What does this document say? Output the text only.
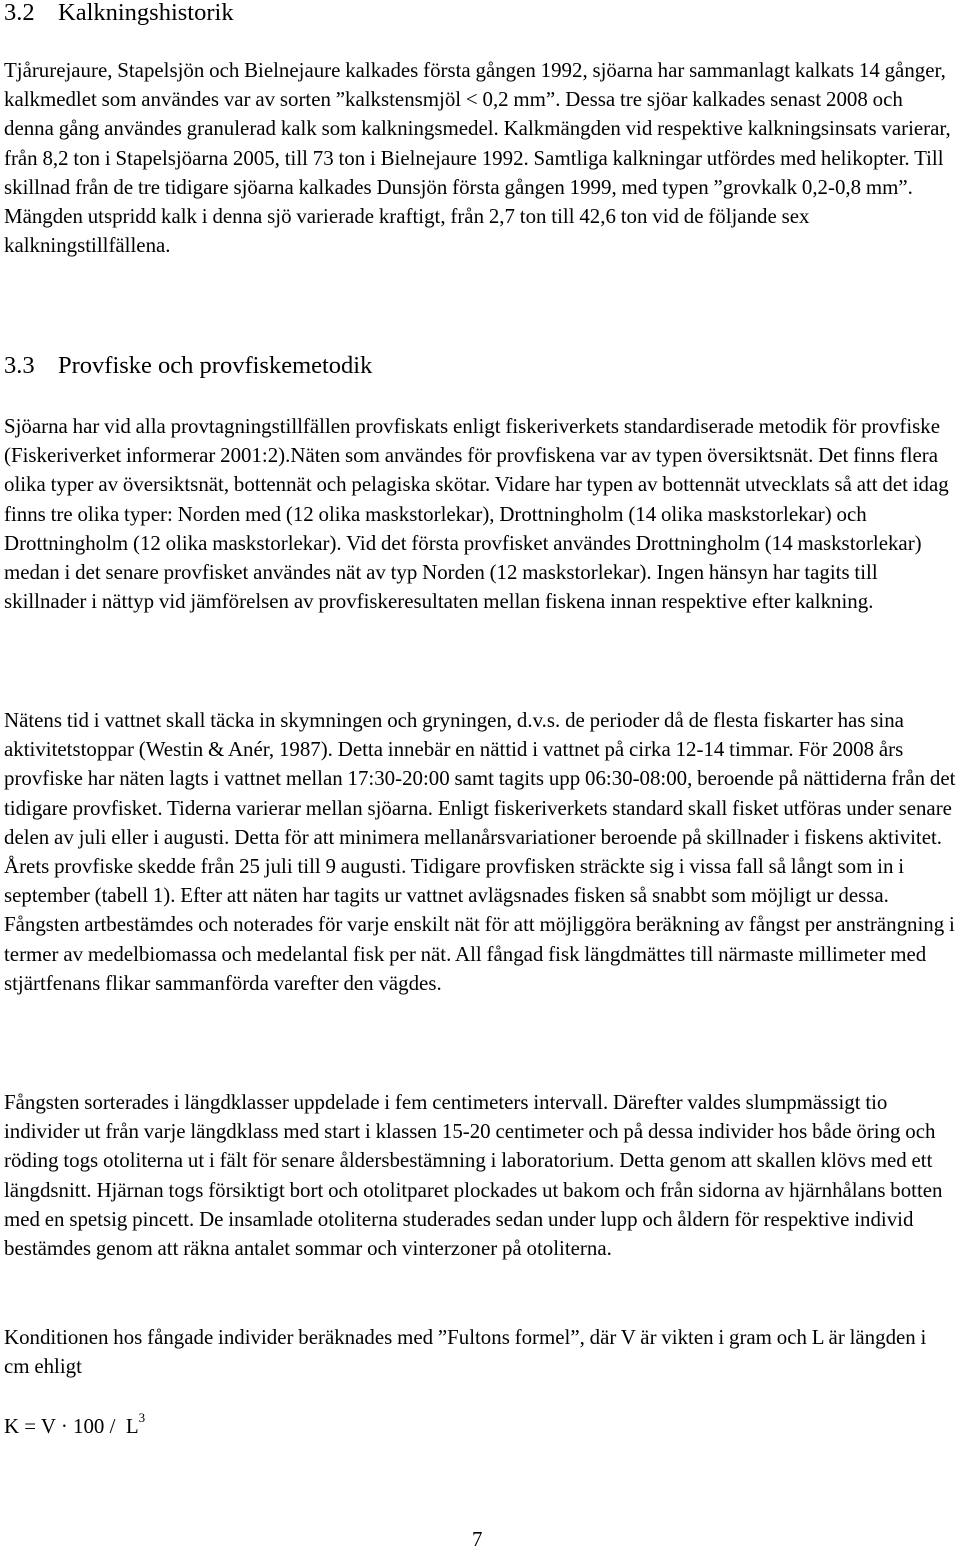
3.2 Kalkningshistorik

Tjårurejaure, Stapelsjön och Bielnejaure kalkades första gången 1992, sjöarna har sammanlagt kalkats 14 gånger, kalkmedlet som användes var av sorten ”kalkstensmjöl < 0,2 mm”. Dessa tre sjöar kalkades senast 2008 och denna gång användes granulerad kalk som kalkningsmedel. Kalkmängden vid respektive kalkningsinsats varierar, från 8,2 ton i Stapelsjöarna 2005, till 73 ton i Bielnejaure 1992. Samtliga kalkningar utfördes med helikopter. Till skillnad från de tre tidigare sjöarna kalkades Dunsjön första gången 1999, med typen ”grovkalk 0,2-0,8 mm”. Mängden utspridd kalk i denna sjö varierade kraftigt, från 2,7 ton till 42,6 ton vid de följande sex kalkningstillfällena.

3.3 Provfiske och provfiskemetodik

Sjöarna har vid alla provtagningstillfällen provfiskats enligt fiskeriverkets standardiserade metodik för provfiske (Fiskeriverket informerar 2001:2).Näten som användes för provfiskena var av typen översiktsnät. Det finns flera olika typer av översiktsnät, bottennät och pelagiska skötar. Vidare har typen av bottennät utvecklats så att det idag finns tre olika typer: Norden med (12 olika maskstorlekar), Drottningholm (14 olika maskstorlekar) och Drottningholm (12 olika maskstorlekar). Vid det första provfisket användes Drottningholm (14 maskstorlekar) medan i det senare provfisket användes nät av typ Norden (12 maskstorlekar). Ingen hänsyn har tagits till skillnader i nättyp vid jämförelsen av provfiskeresultaten mellan fiskena innan respektive efter kalkning.

Nätens tid i vattnet skall täcka in skymningen och gryningen, d.v.s. de perioder då de flesta fiskarter has sina aktivitetstoppar (Westin & Anér, 1987). Detta innebär en nättid i vattnet på cirka 12-14 timmar. För 2008 års provfiske har näten lagts i vattnet mellan 17:30-20:00 samt tagits upp 06:30-08:00, beroende på nättiderna från det tidigare provfisket. Tiderna varierar mellan sjöarna. Enligt fiskeriverkets standard skall fisket utföras under senare delen av juli eller i augusti. Detta för att minimera mellanårsvariationer beroende på skillnader i fiskens aktivitet. Årets provfiske skedde från 25 juli till 9 augusti. Tidigare provfisken sträckte sig i vissa fall så långt som in i september (tabell 1). Efter att näten har tagits ur vattnet avlägsnades fisken så snabbt som möjligt ur dessa. Fångsten artbestämdes och noterades för varje enskilt nät för att möjliggöra beräkning av fångst per ansträngning i termer av medelbiomassa och medelantal fisk per nät. All fångad fisk längdmättes till närmaste millimeter med stjärtfenans flikar sammanförda varefter den vägdes.

Fångsten sorterades i längdklasser uppdelade i fem centimeters intervall. Därefter valdes slumpmässigt tio individer ut från varje längdklass med start i klassen 15-20 centimeter och på dessa individer hos både öring och röding togs otoliterna ut i fält för senare åldersbestämning i laboratorium. Detta genom att skallen klövs med ett längdsnitt. Hjärnan togs försiktigt bort och otolitparet plockades ut bakom och från sidorna av hjärnhålans botten med en spetsig pincett. De insamlade otoliterna studerades sedan under lupp och åldern för respektive individ bestämdes genom att räkna antalet sommar och vinterzoner på otoliterna.

Konditionen hos fångade individer beräknades med ”Fultons formel”, där V är vikten i gram och L är längden i cm ehligt

$K = V \cdot 100 / L^3$
7
